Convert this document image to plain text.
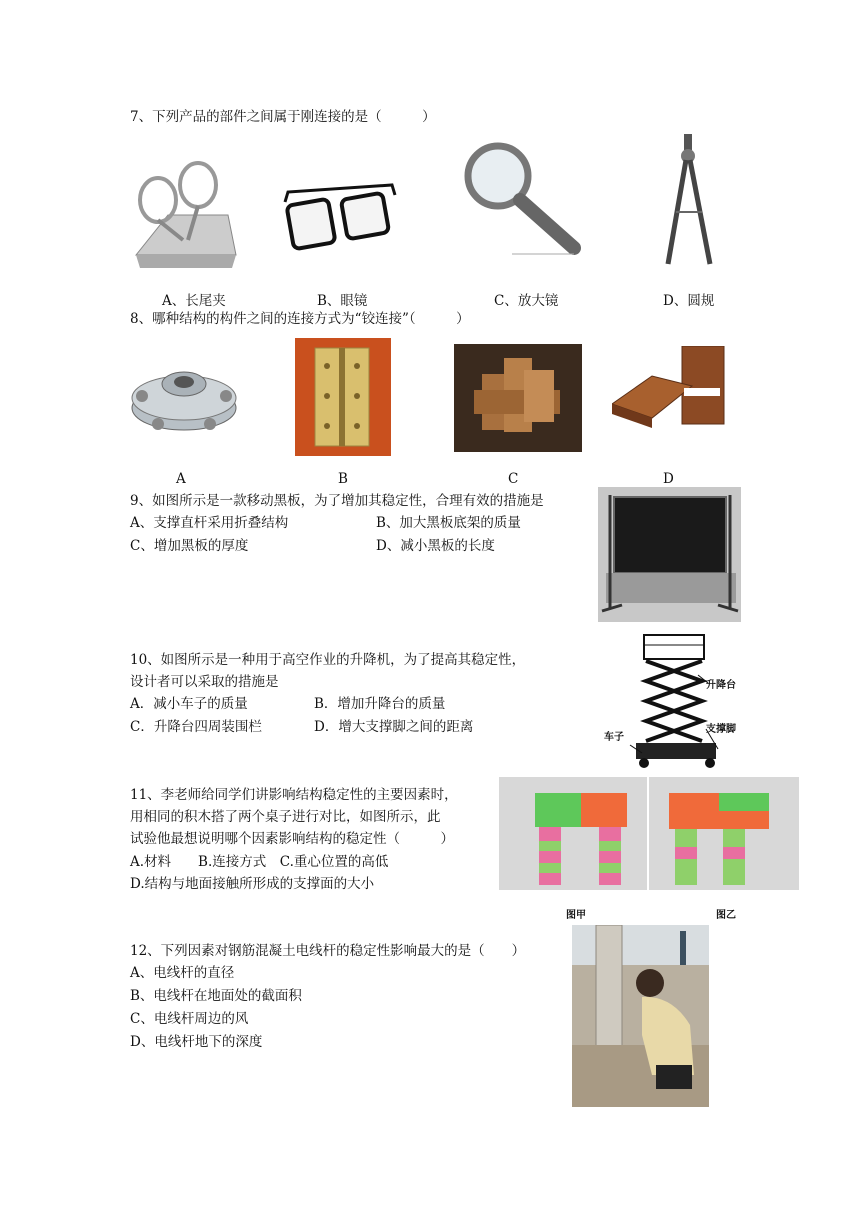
7、下列产品的部件之间属于刚连接的是（　　　）
A、长尾夹	B、眼镜	C、放大镜	D、圆规
8、哪种结构的构件之间的连接方式为“铰连接”（　　　）
A	B	C	D
9、如图所示是一款移动黑板，为了增加其稳定性，合理有效的措施是
A、支撑直杆采用折叠结构	B、加大黑板底架的质量
C、增加黑板的厚度	D、减小黑板的长度
10、如图所示是一种用于高空作业的升降机，为了提高其稳定性，
设计者可以采取的措施是
A．减小车子的质量	B．增加升降台的质量
C．升降台四周装围栏	D．增大支撑脚之间的距离
升降台
车子
支撑脚
11、李老师给同学们讲影响结构稳定性的主要因素时，
用相同的积木搭了两个桌子进行对比，如图所示，此
试验他最想说明哪个因素影响结构的稳定性（　　　）
A.材料　　B.连接方式　C.重心位置的高低
D.结构与地面接触所形成的支撑面的大小
图甲	图乙
12、下列因素对钢筋混凝土电线杆的稳定性影响最大的是（　　）
A、电线杆的直径
B、电线杆在地面处的截面积
C、电线杆周边的风
D、电线杆地下的深度
